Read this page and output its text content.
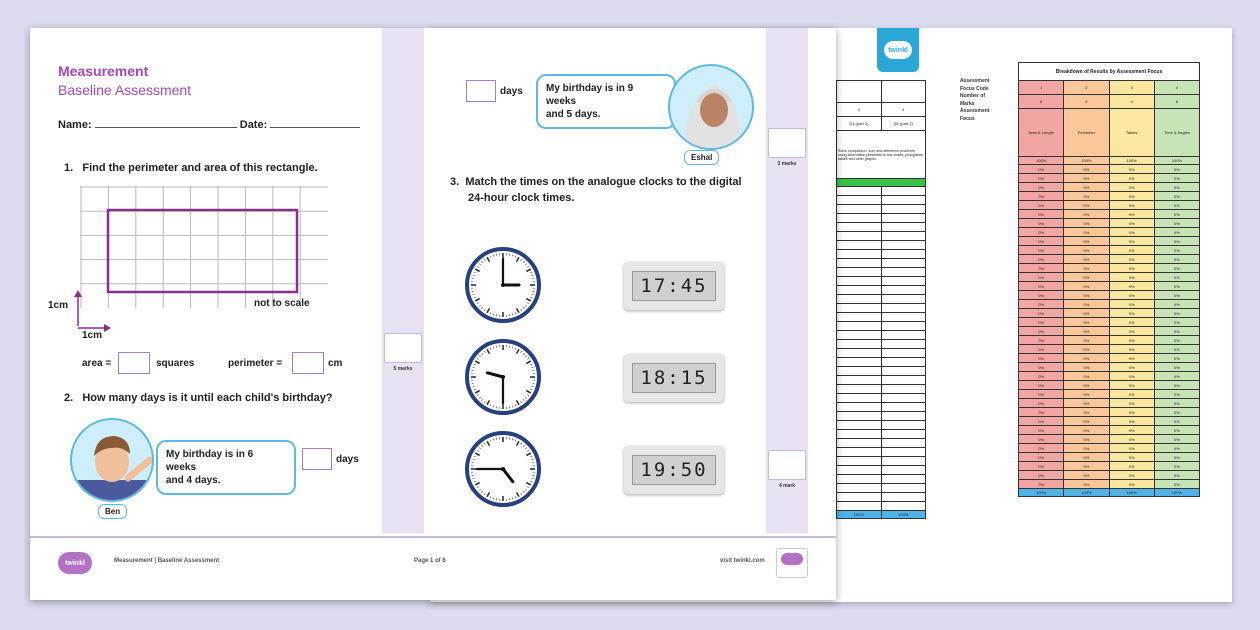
twinkl

4	4
Q1 (part 1)	Q1 (part 2)
Solve comparison, sum and difference problems using information presented in bar charts, pictograms, tables and other graphs	

100%	100%
Assessment
Focus Code
Number of
Marks
Assessment
Focus
Breakdown of Results by Assessment Focus			
1	2	3	4
6	4	4	6
Area & Length	Perimeter	Tables	Time & Angles
100%	100%	100%	100%
0%	0%	0%	0%
0%	0%	0%	0%
0%	0%	0%	0%
0%	0%	0%	0%
0%	0%	0%	0%
0%	0%	0%	0%
0%	0%	0%	0%
0%	0%	0%	0%
0%	0%	0%	0%
0%	0%	0%	0%
0%	0%	0%	0%
0%	0%	0%	0%
0%	0%	0%	0%
0%	0%	0%	0%
0%	0%	0%	0%
0%	0%	0%	0%
0%	0%	0%	0%
0%	0%	0%	0%
0%	0%	0%	0%
0%	0%	0%	0%
0%	0%	0%	0%
0%	0%	0%	0%
0%	0%	0%	0%
0%	0%	0%	0%
0%	0%	0%	0%
0%	0%	0%	0%
0%	0%	0%	0%
0%	0%	0%	0%
0%	0%	0%	0%
0%	0%	0%	0%
0%	0%	0%	0%
0%	0%	0%	0%
0%	0%	0%	0%
0%	0%	0%	0%
0%	0%	0%	0%
0%	0%	0%	0%
100%	100%	100%	100%
5 marks
3 marks
4 mark
Measurement
Baseline Assessment
Name:	Date:
1. Find the perimeter and area of this rectangle.
not to scale
1cm
1cm
area =	squares	perimeter =	cm
2. How many days is it until each child's birthday?
Ben
My birthday is in 6 weeks
and 4 days.
days
days My birthday is in 9 weeks
and 5 days.
Eshal
3. Match the times on the analogue clocks to the digital
24-hour clock times.
17:45
18:15
19:50
twinkl	Measurement | Baseline Assessment	Page 1 of 6	visit twinkl.com
